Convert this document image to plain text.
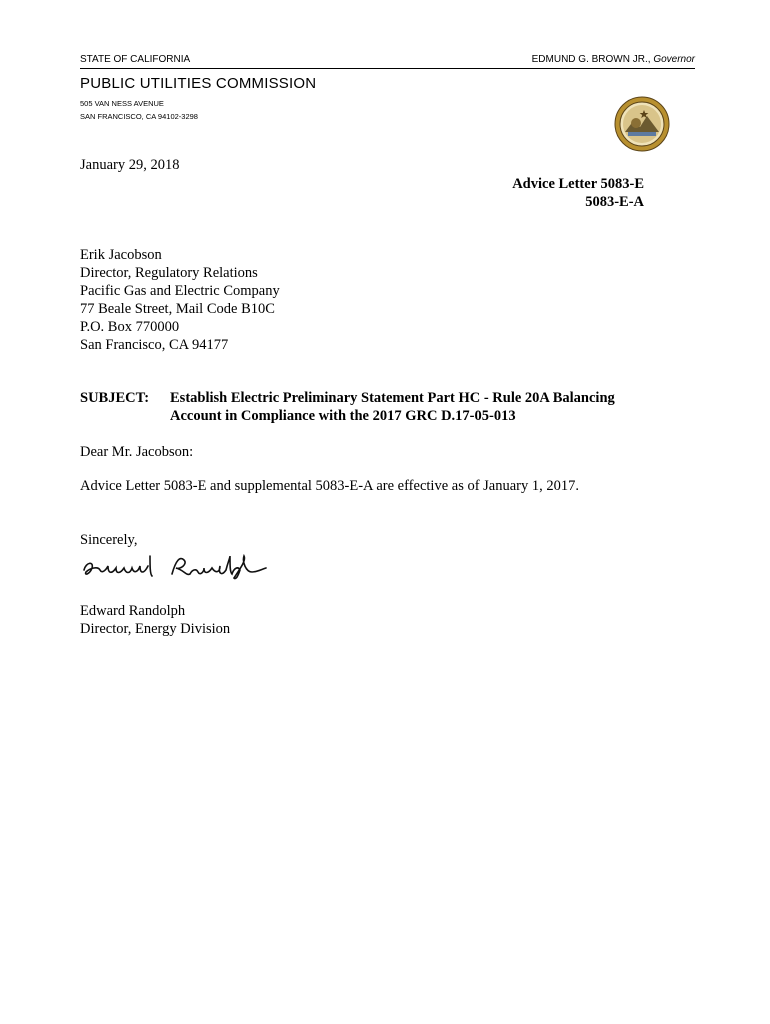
STATE OF CALIFORNIA	EDMUND G. BROWN JR., Governor
PUBLIC UTILITIES COMMISSION
505 VAN NESS AVENUE
SAN FRANCISCO, CA 94102-3298
January 29, 2018
Advice Letter 5083-E
5083-E-A
Erik Jacobson
Director, Regulatory Relations
Pacific Gas and Electric Company
77 Beale Street, Mail Code B10C
P.O. Box 770000
San Francisco, CA 94177
SUBJECT:	Establish Electric Preliminary Statement Part HC - Rule 20A Balancing
Account in Compliance with the 2017 GRC D.17-05-013
Dear Mr. Jacobson:
Advice Letter 5083-E and supplemental 5083-E-A are effective as of January 1, 2017.
Sincerely,
Edward Randolph
Director, Energy Division
